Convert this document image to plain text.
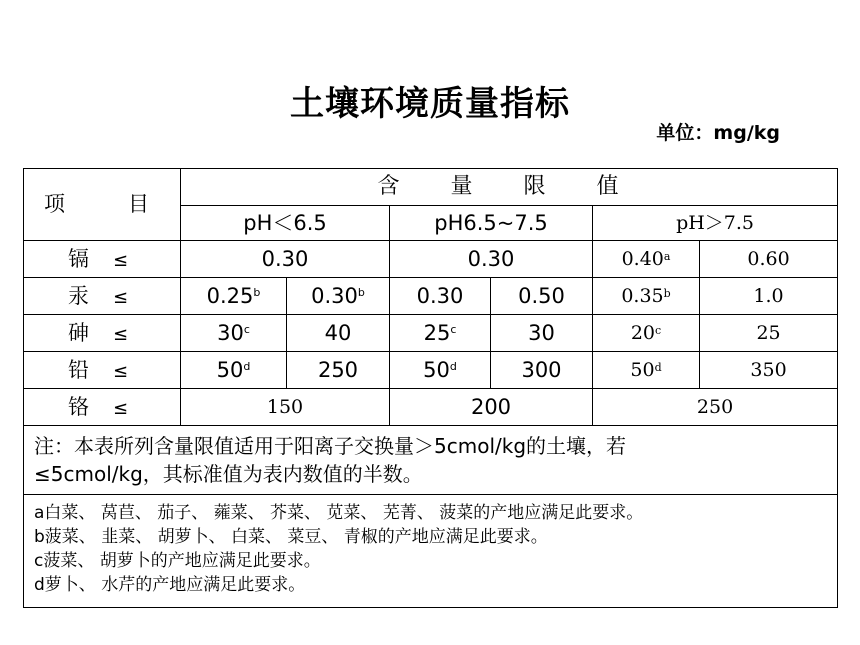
土壤环境质量指标
单位：mg/kg
项　　　目	含 量 限 值					
	pH＜6.5		pH6.5~7.5		pH＞7.5	
镉 ≤	0.30		0.30		0.40$^a$	0.60
汞 ≤	0.25$^b$	0.30$^b$	0.30	0.50	0.35$^b$	1.0
砷 ≤	$30^c$	40	25$^c$	30	20$^c$	25
铅 ≤	$50^d$	250	50$^d$	300	50$^d$	350
铬 ≤	150		200		250	

注：本表所列含量限值适用于阳离子交换量＞5cmol/kg的土壤，若
≤5cmol/kg，其标准值为表内数值的半数。						

a白菜、 莴苣、 茄子、 蕹菜、 芥菜、 苋菜、 芜菁、 菠菜的产地应满足此要求。
b菠菜、 韭菜、 胡萝卜、 白菜、 菜豆、 青椒的产地应满足此要求。
c菠菜、 胡萝卜的产地应满足此要求。
d萝卜、 水芹的产地应满足此要求。						
